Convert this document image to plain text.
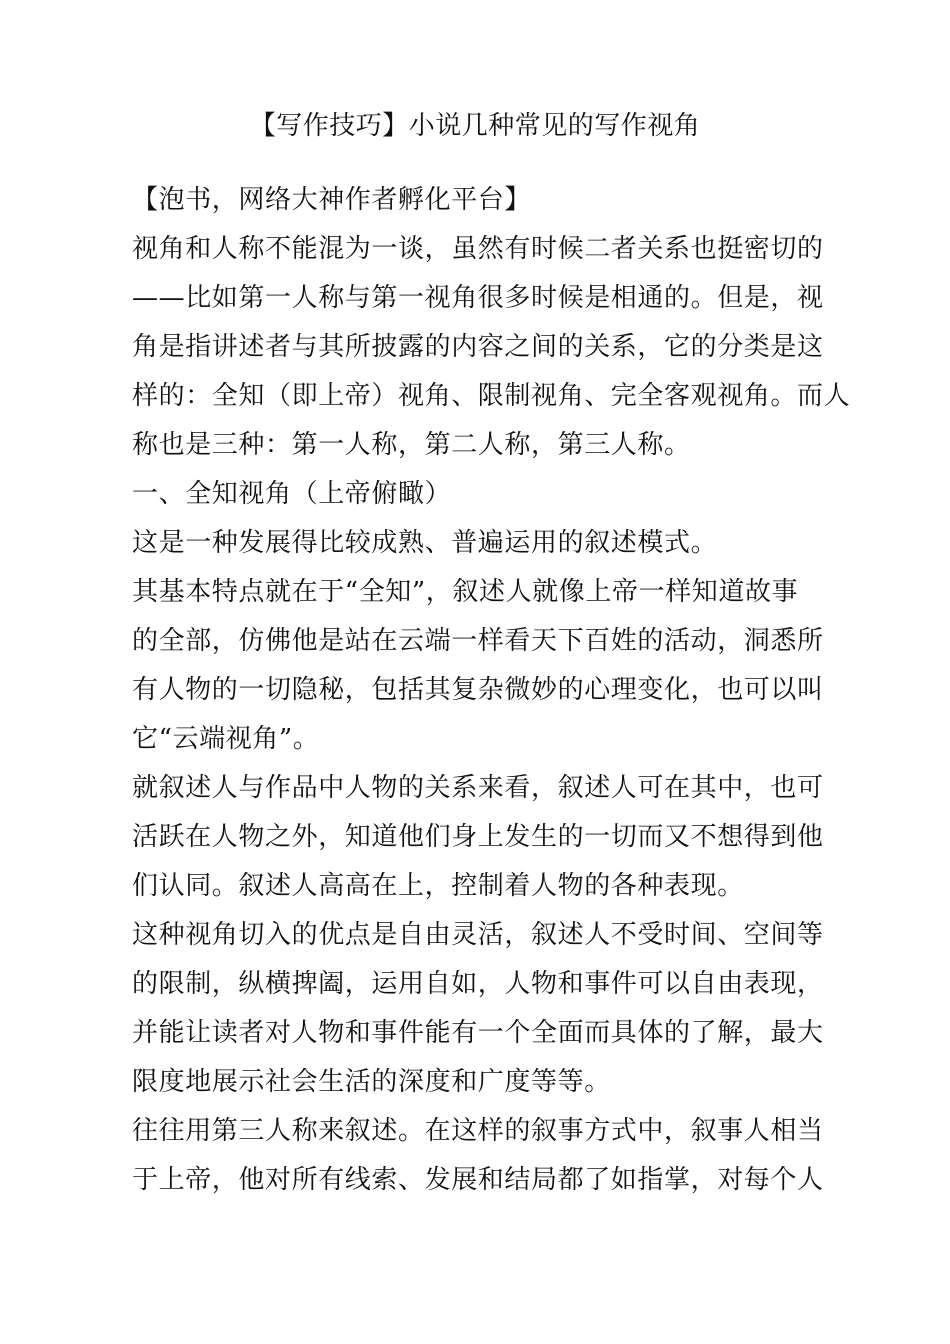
【写作技巧】小说几种常见的写作视角
【泡书，网络大神作者孵化平台】
视角和人称不能混为一谈，虽然有时候二者关系也挺密切的
——比如第一人称与第一视角很多时候是相通的。但是，视
角是指讲述者与其所披露的内容之间的关系，它的分类是这
样的：全知（即上帝）视角、限制视角、完全客观视角。而人
称也是三种：第一人称，第二人称，第三人称。
一、全知视角（上帝俯瞰）
这是一种发展得比较成熟、普遍运用的叙述模式。
其基本特点就在于“全知”，叙述人就像上帝一样知道故事
的全部，仿佛他是站在云端一样看天下百姓的活动，洞悉所
有人物的一切隐秘，包括其复杂微妙的心理变化，也可以叫
它“云端视角”。
就叙述人与作品中人物的关系来看，叙述人可在其中，也可
活跃在人物之外，知道他们身上发生的一切而又不想得到他
们认同。叙述人高高在上，控制着人物的各种表现。
这种视角切入的优点是自由灵活，叙述人不受时间、空间等
的限制，纵横捭阖，运用自如，人物和事件可以自由表现，
并能让读者对人物和事件能有一个全面而具体的了解，最大
限度地展示社会生活的深度和广度等等。
往往用第三人称来叙述。在这样的叙事方式中，叙事人相当
于上帝，他对所有线索、发展和结局都了如指掌，对每个人
